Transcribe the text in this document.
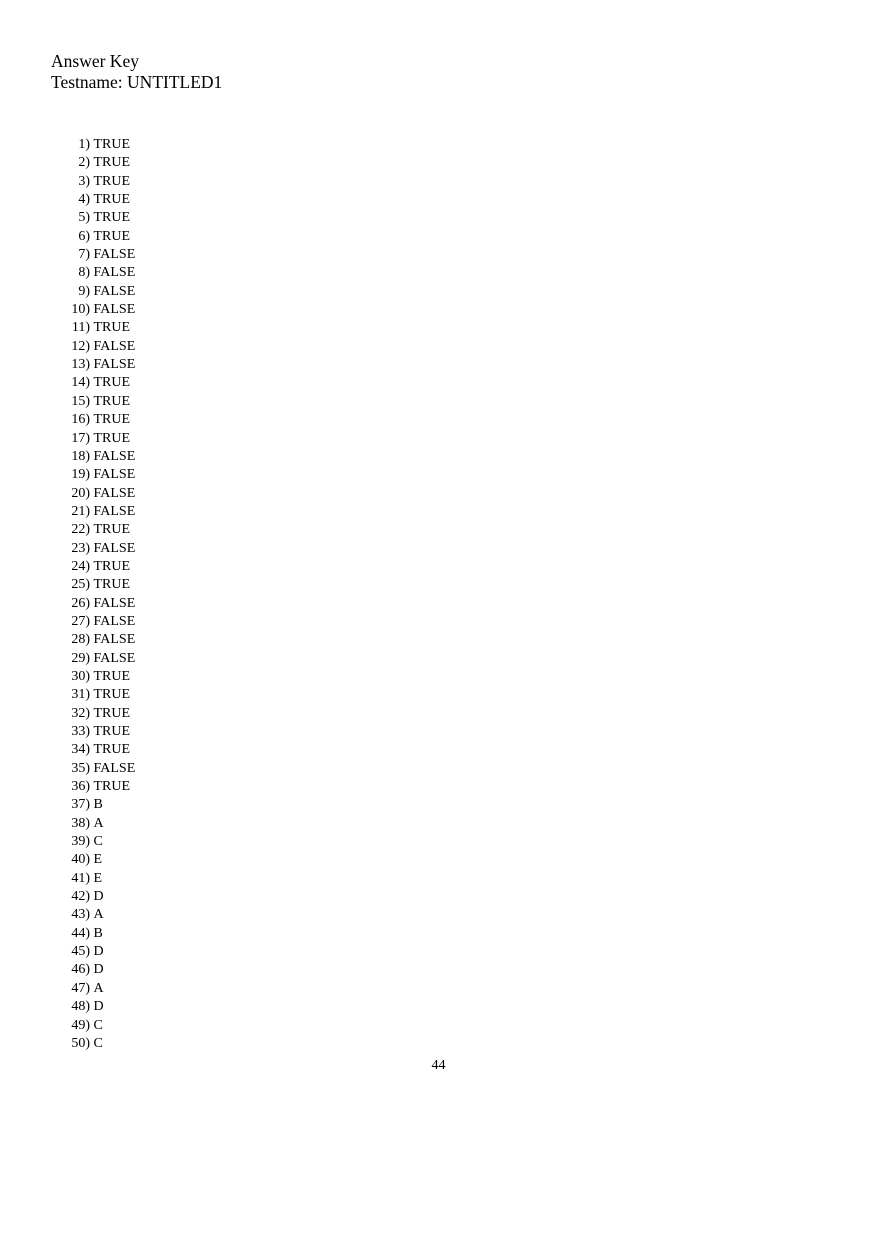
Answer Key
Testname: UNTITLED1
1)
TRUE
2)
TRUE
3)
TRUE
4)
TRUE
5)
TRUE
6)
TRUE
7)
FALSE
8)
FALSE
9)
FALSE
10)
FALSE
11)
TRUE
12)
FALSE
13)
FALSE
14)
TRUE
15)
TRUE
16)
TRUE
17)
TRUE
18)
FALSE
19)
FALSE
20)
FALSE
21)
FALSE
22)
TRUE
23)
FALSE
24)
TRUE
25)
TRUE
26)
FALSE
27)
FALSE
28)
FALSE
29)
FALSE
30)
TRUE
31)
TRUE
32)
TRUE
33)
TRUE
34)
TRUE
35)
FALSE
36)
TRUE
37)
B
38)
A
39)
C
40)
E
41)
E
42)
D
43)
A
44)
B
45)
D
46)
D
47)
A
48)
D
49)
C
50)
C
44
